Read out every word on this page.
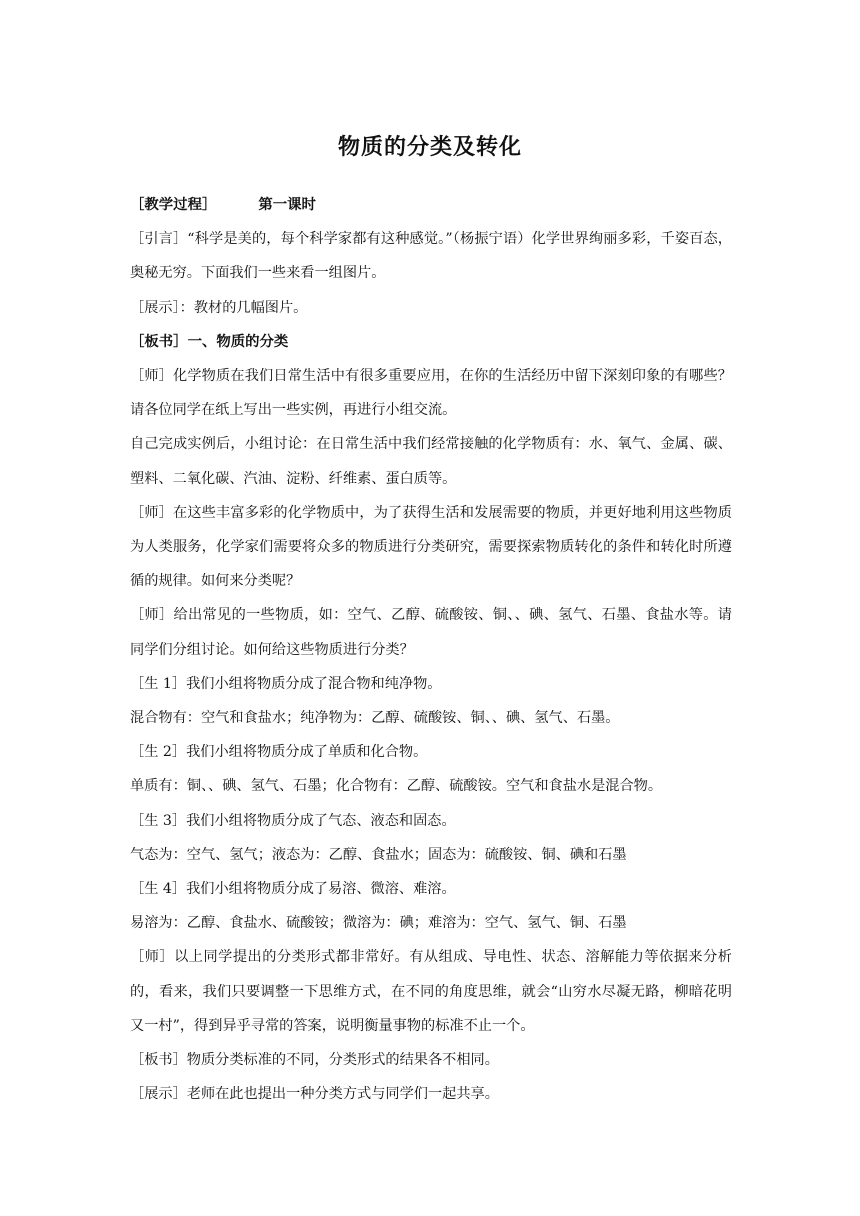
物质的分类及转化

［教学过程］	第一课时

［引言］“科学是美的，每个科学家都有这种感觉。”（杨振宁语）化学世界绚丽多彩，千姿百态，奥秘无穷。下面我们一些来看一组图片。

［展示］：教材的几幅图片。

［板书］一、物质的分类

［师］化学物质在我们日常生活中有很多重要应用，在你的生活经历中留下深刻印象的有哪些？请各位同学在纸上写出一些实例，再进行小组交流。

自己完成实例后，小组讨论：在日常生活中我们经常接触的化学物质有：水、氧气、金属、碳、塑料、二氧化碳、汽油、淀粉、纤维素、蛋白质等。

［师］在这些丰富多彩的化学物质中，为了获得生活和发展需要的物质，并更好地利用这些物质为人类服务，化学家们需要将众多的物质进行分类研究，需要探索物质转化的条件和转化时所遵循的规律。如何来分类呢？

［师］给出常见的一些物质，如：空气、乙醇、硫酸铵、铜、、碘、氢气、石墨、食盐水等。请同学们分组讨论。如何给这些物质进行分类？

［生 1］我们小组将物质分成了混合物和纯净物。

混合物有：空气和食盐水；纯净物为：乙醇、硫酸铵、铜、、碘、氢气、石墨。

［生 2］我们小组将物质分成了单质和化合物。

单质有：铜、、碘、氢气、石墨；化合物有：乙醇、硫酸铵。空气和食盐水是混合物。

［生 3］我们小组将物质分成了气态、液态和固态。

气态为：空气、氢气；液态为：乙醇、食盐水；固态为：硫酸铵、铜、碘和石墨

［生 4］我们小组将物质分成了易溶、微溶、难溶。

易溶为：乙醇、食盐水、硫酸铵；微溶为：碘；难溶为：空气、氢气、铜、石墨

［师］以上同学提出的分类形式都非常好。有从组成、导电性、状态、溶解能力等依据来分析的，看来，我们只要调整一下思维方式，在不同的角度思维，就会“山穷水尽凝无路，柳暗花明又一村”，得到异乎寻常的答案，说明衡量事物的标准不止一个。

［板书］物质分类标准的不同，分类形式的结果各不相同。

［展示］老师在此也提出一种分类方式与同学们一起共享。
